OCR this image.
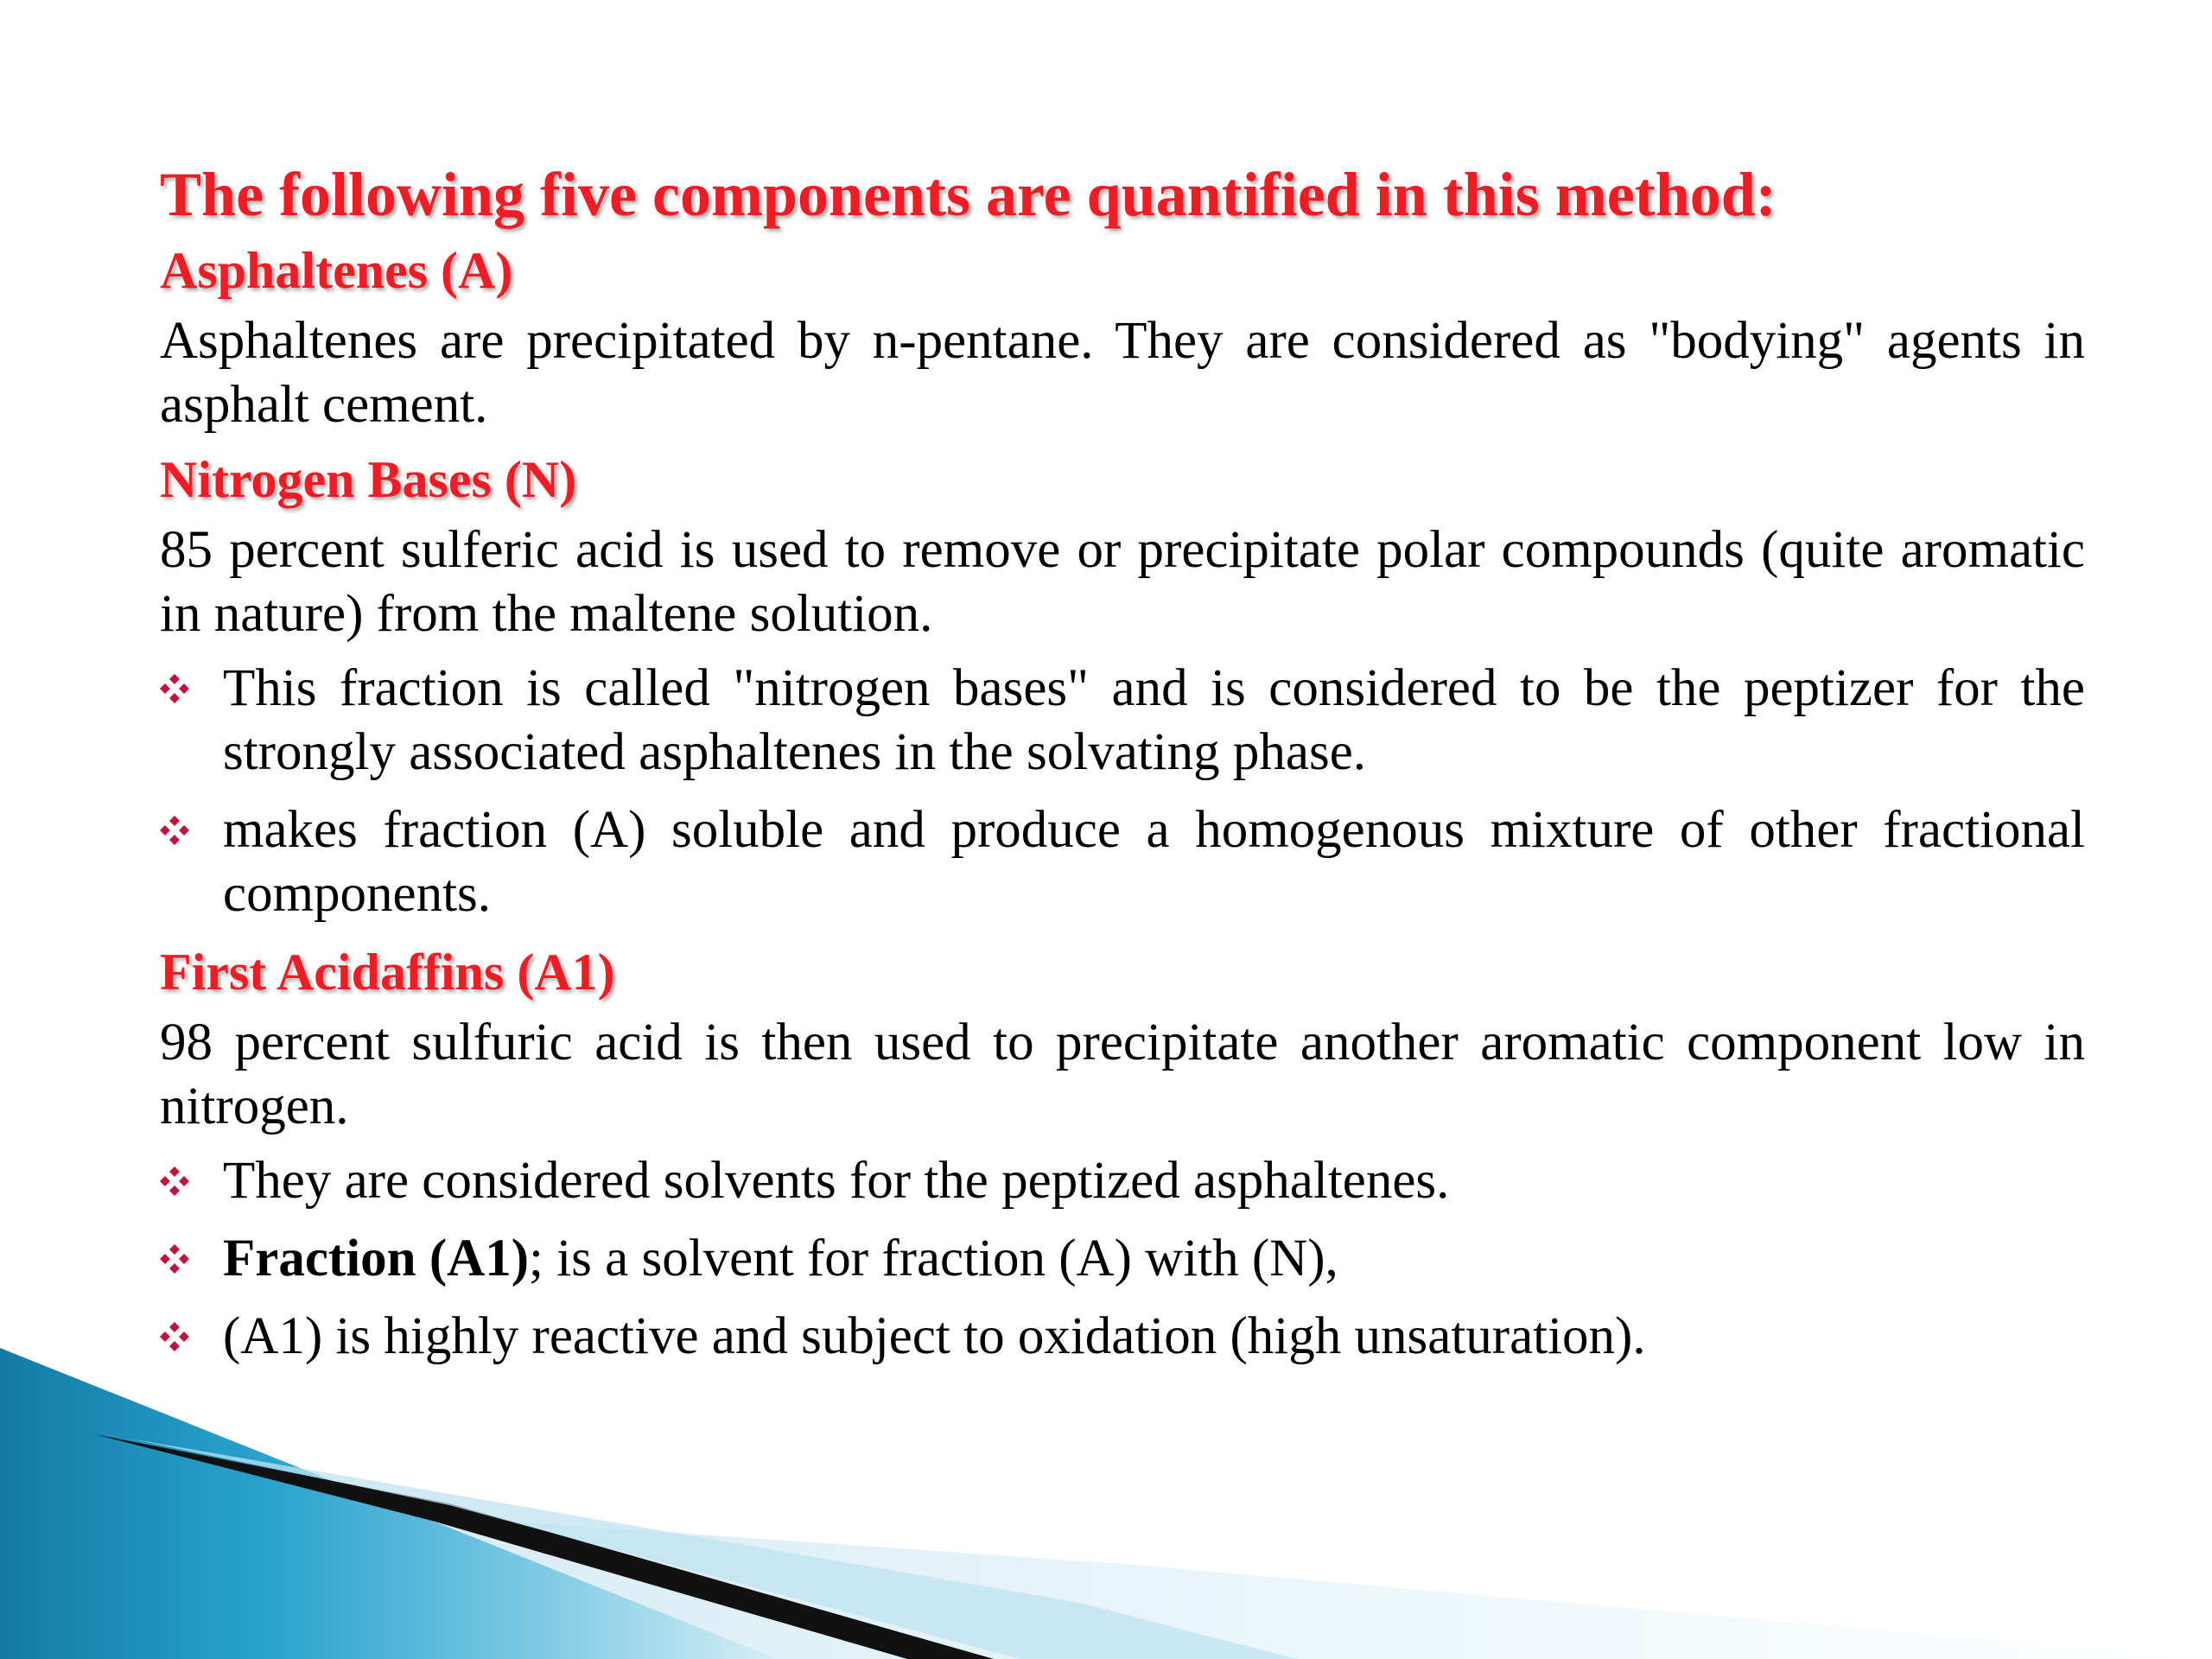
The following five components are quantified in this method:
Asphaltenes (A)

Asphaltenes are precipitated by n-pentane. They are considered as "bodying" agents in asphalt cement.

Nitrogen Bases (N)

85 percent sulferic acid is used to remove or precipitate polar compounds (quite aromatic in nature) from the maltene solution.

This fraction is called "nitrogen bases" and is considered to be the peptizer for the strongly associated asphaltenes in the solvating phase.
makes fraction (A) soluble and produce a homogenous mixture of other fractional components.
First Acidaffins (A1)

98 percent sulfuric acid is then used to precipitate another aromatic component low in nitrogen.

They are considered solvents for the peptized asphaltenes.
Fraction (A1); is a solvent for fraction (A) with (N),
(A1) is highly reactive and subject to oxidation (high unsaturation).
